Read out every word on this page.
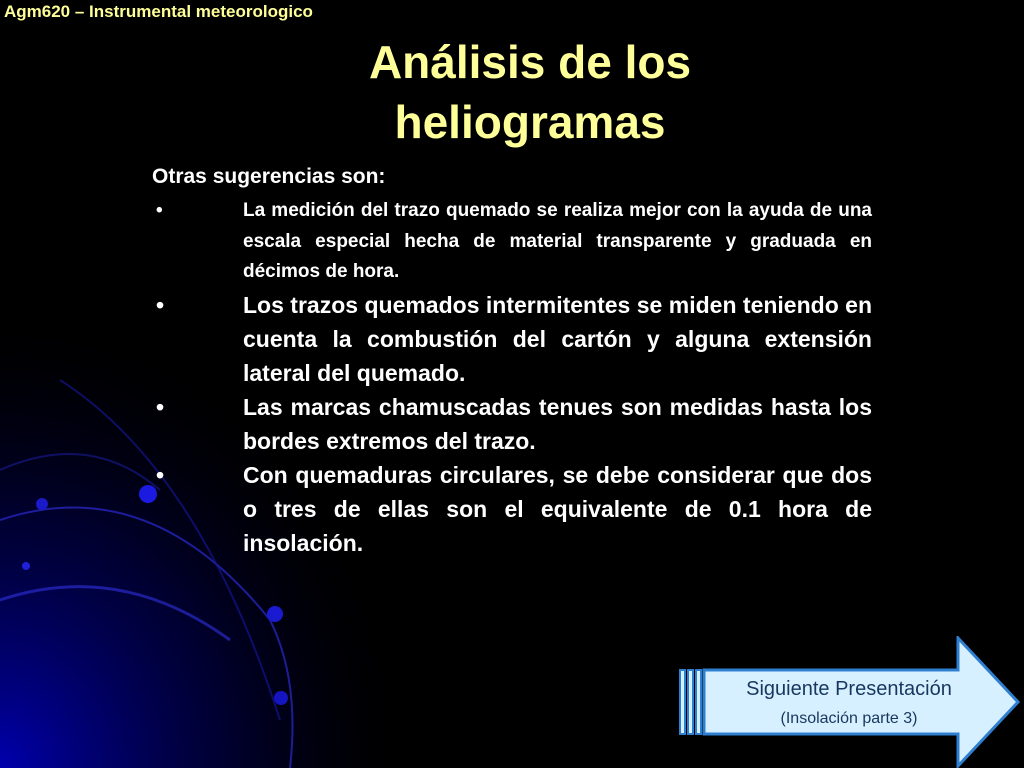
Agm620 – Instrumental meteorologico
Análisis de los
heliogramas
Otras sugerencias son:
•	La medición del trazo quemado se realiza mejor con la ayuda de una escala especial hecha de material transparente y graduada en décimos de hora.
•	Los trazos quemados intermitentes se miden teniendo en cuenta la combustión del cartón y alguna extensión lateral del quemado.
•	Las marcas chamuscadas tenues son medidas hasta los bordes extremos del trazo.
•	Con quemaduras circulares, se debe considerar que dos o tres de ellas son el equivalente de 0.1 hora de insolación.
Siguiente Presentación
(Insolación parte 3)
